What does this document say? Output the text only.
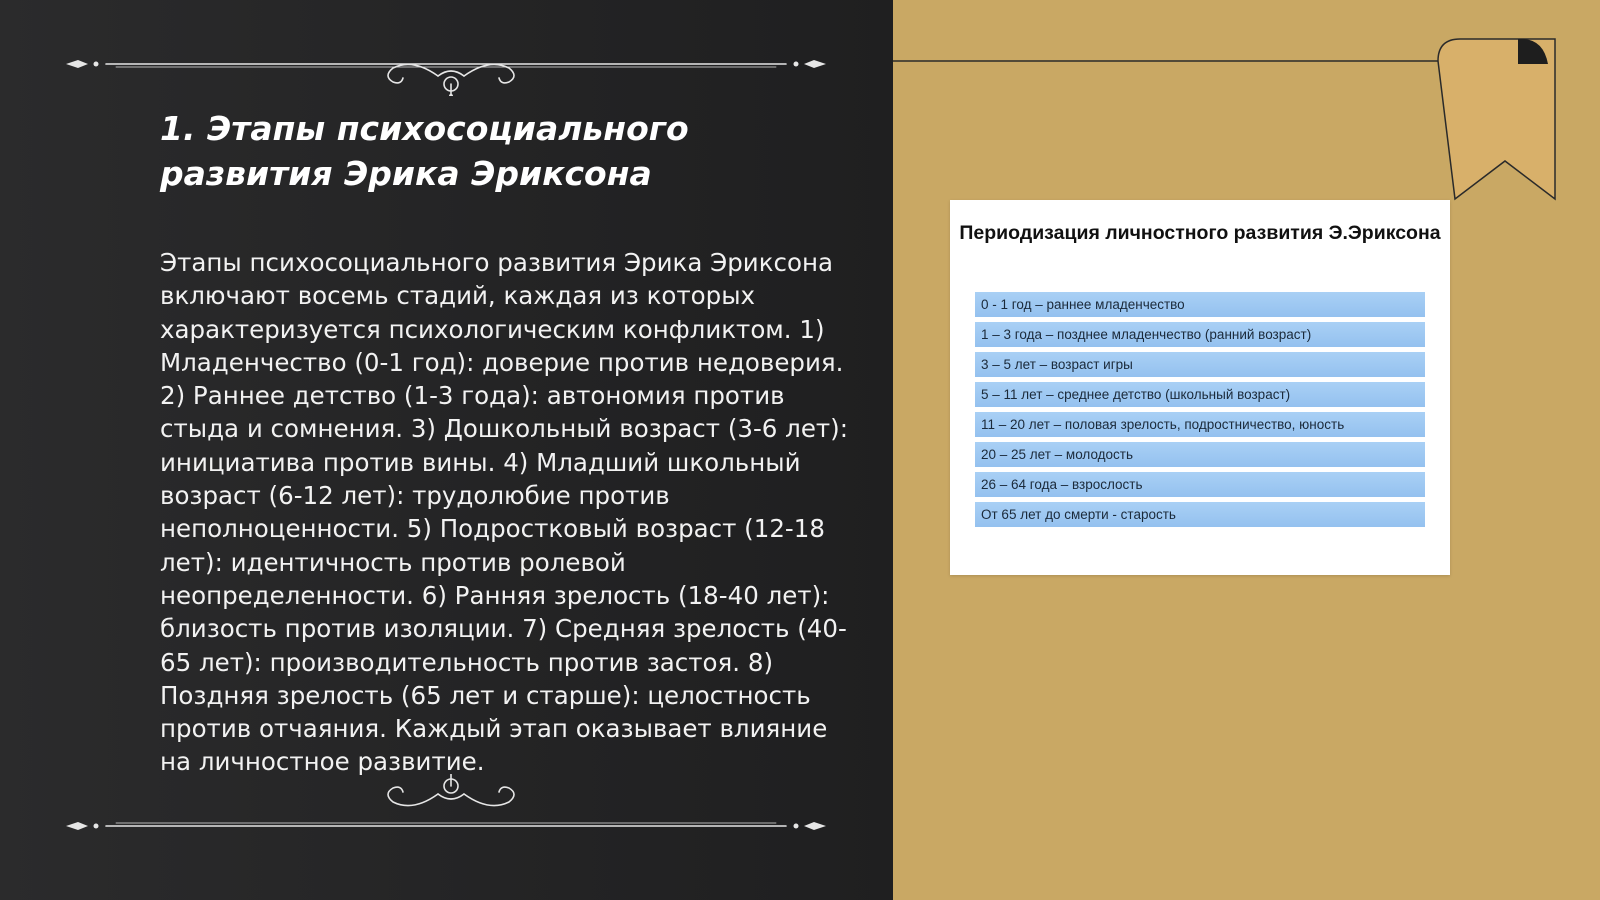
1. Этапы психосоциального развития Эрика Эриксона

Этапы психосоциального развития Эрика Эриксона включают восемь стадий, каждая из которых характеризуется психологическим конфликтом. 1) Младенчество (0-1 год): доверие против недоверия. 2) Раннее детство (1-3 года): автономия против стыда и сомнения. 3) Дошкольный возраст (3-6 лет): инициатива против вины. 4) Младший школьный возраст (6-12 лет): трудолюбие против неполноценности. 5) Подростковый возраст (12-18 лет): идентичность против ролевой неопределенности. 6) Ранняя зрелость (18-40 лет): близость против изоляции. 7) Средняя зрелость (40-65 лет): производительность против застоя. 8) Поздняя зрелость (65 лет и старше): целостность против отчаяния. Каждый этап оказывает влияние на личностное развитие.

Периодизация личностного развития Э.Эриксона
0 - 1 год – раннее младенчество
1 – 3 года – позднее младенчество (ранний возраст)
3 – 5 лет – возраст игры
5 – 11 лет – среднее детство (школьный возраст)
11 – 20 лет – половая зрелость, подростничество, юность
20 – 25 лет – молодость
26 – 64 года – взрослость
От 65 лет до смерти - старость
